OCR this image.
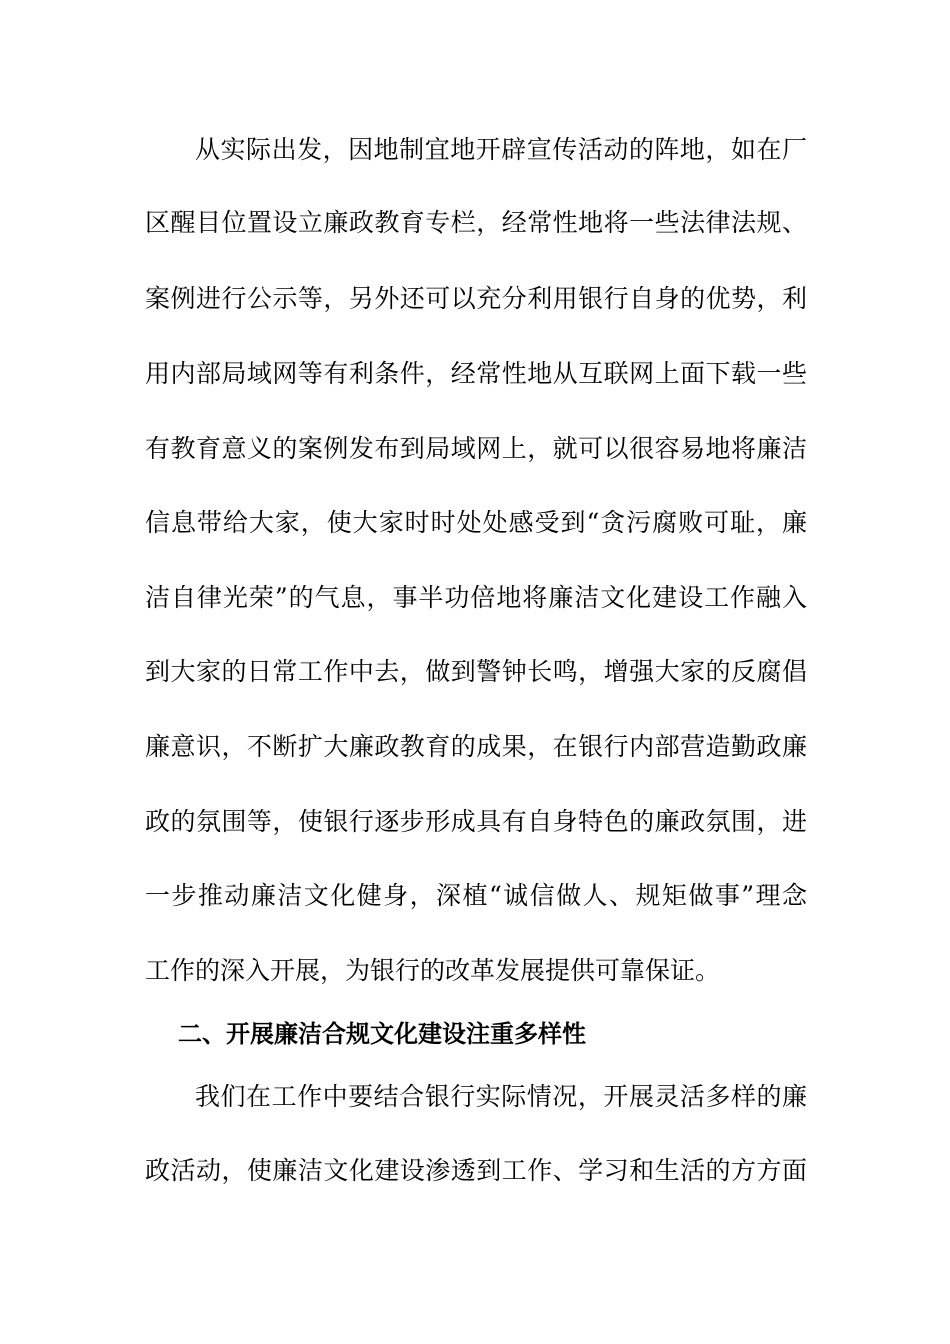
从实际出发，因地制宜地开辟宣传活动的阵地，如在厂
区醒目位置设立廉政教育专栏，经常性地将一些法律法规、
案例进行公示等，另外还可以充分利用银行自身的优势，利
用内部局域网等有利条件，经常性地从互联网上面下载一些
有教育意义的案例发布到局域网上，就可以很容易地将廉洁
信息带给大家，使大家时时处处感受到“贪污腐败可耻，廉
洁自律光荣”的气息，事半功倍地将廉洁文化建设工作融入
到大家的日常工作中去，做到警钟长鸣，增强大家的反腐倡
廉意识，不断扩大廉政教育的成果，在银行内部营造勤政廉
政的氛围等，使银行逐步形成具有自身特色的廉政氛围，进
一步推动廉洁文化健身，深植“诚信做人、规矩做事”理念
工作的深入开展，为银行的改革发展提供可靠保证。
二、开展廉洁合规文化建设注重多样性
我们在工作中要结合银行实际情况，开展灵活多样的廉
政活动，使廉洁文化建设渗透到工作、学习和生活的方方面
